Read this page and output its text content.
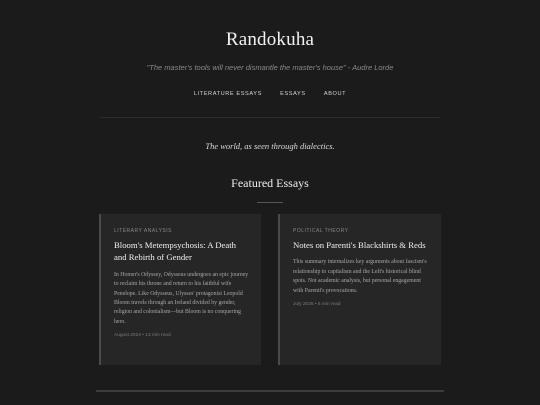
Randokuha
"The master's tools will never dismantle the master's house" - Audre Lorde
LITERATURE ESSAYS	ESSAYS	ABOUT
The world, as seen through dialectics.
Featured Essays
LITERARY ANALYSIS
Bloom's Metempsychosis: A Death and Rebirth of Gender
In Homer's Odyssey, Odysseus undergoes an epic journey to reclaim his throne and return to his faithful wife Penelope. Like Odysseus, Ulysses' protagonist Leopold Bloom travels through an Ireland divided by gender, religion and colonialism—but Bloom is no conquering hero.
August 2024 • 13 min read
POLITICAL THEORY
Notes on Parenti's Blackshirts & Reds
This summary internalizes key arguments about fascism's relationship to capitalism and the Left's historical blind spots. Not academic analysis, but personal engagement with Parenti's provocations.
July 2025 • 6 min read
